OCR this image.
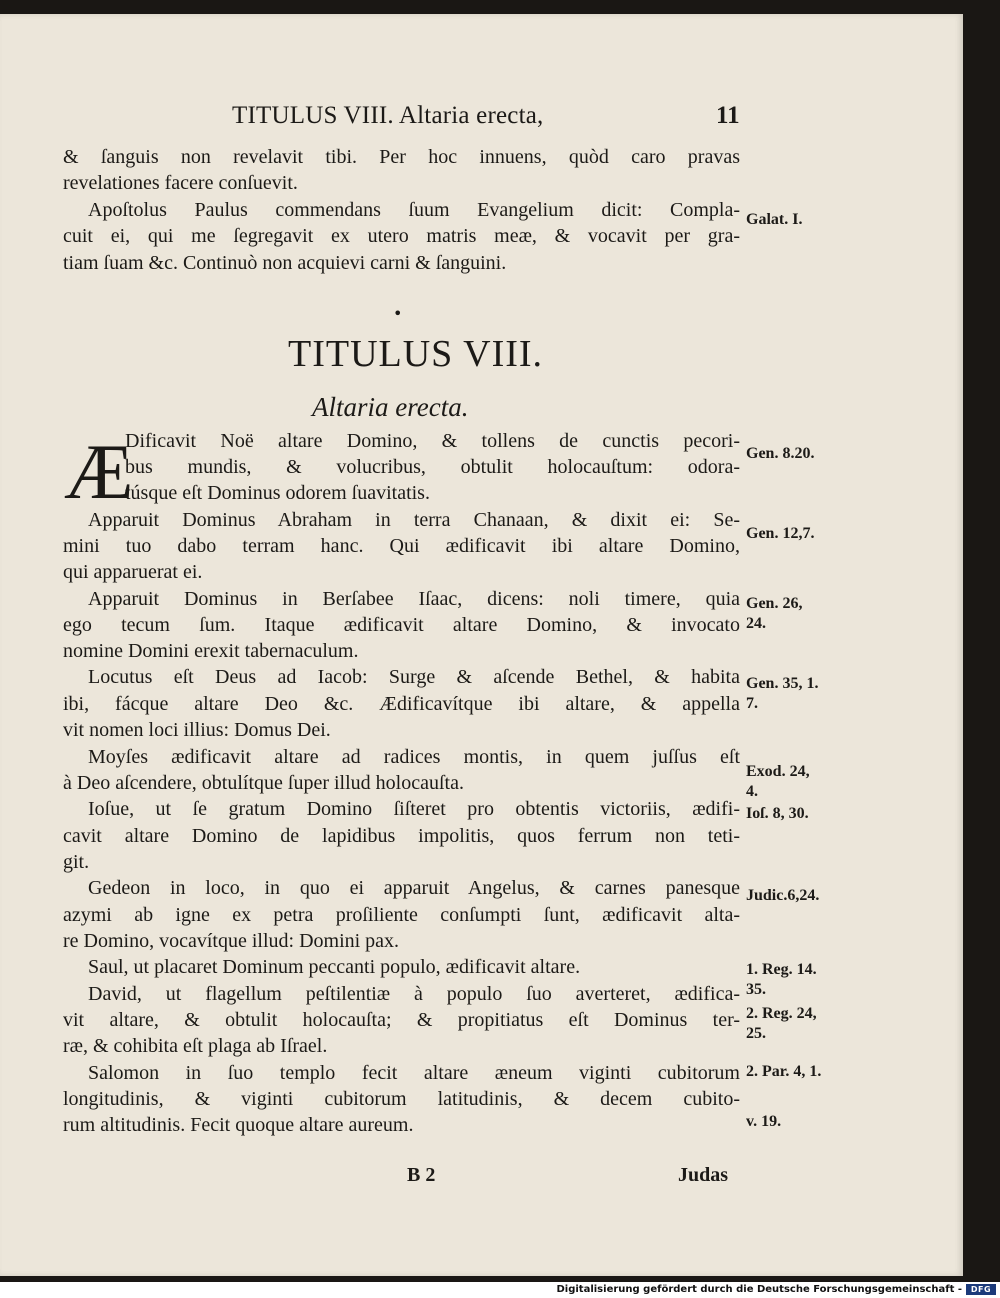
TITULUS VIII. Altaria erecta,	11
& ſanguis non revelavit tibi. Per hoc innuens, quòd caro pravas
revelationes facere conſuevit.
Apoſtolus Paulus commendans ſuum Evangelium dicit: Compla-
cuit ei, qui me ſegregavit ex utero matris meæ, & vocavit per gra-
tiam ſuam &c. Continuò non acquievi carni & ſanguini.
Galat. I.
•
TITULUS VIII.
Altaria erecta.
Æ
Dificavit Noë altare Domino, & tollens de cunctis pecori-
bus mundis, & volucribus, obtulit holocauſtum: odora-
túsque eſt Dominus odorem ſuavitatis.
Apparuit Dominus Abraham in terra Chanaan, & dixit ei: Se-
mini tuo dabo terram hanc. Qui ædificavit ibi altare Domino,
qui apparuerat ei.
Apparuit Dominus in Berſabee Iſaac, dicens: noli timere, quia
ego tecum ſum. Itaque ædificavit altare Domino, & invocato
nomine Domini erexit tabernaculum.
Locutus eſt Deus ad Iacob: Surge & aſcende Bethel, & habita
ibi, fácque altare Deo &c. Ædificavítque ibi altare, & appella
vit nomen loci illius: Domus Dei.
Moyſes ædificavit altare ad radices montis, in quem juſſus eſt
à Deo aſcendere, obtulítque ſuper illud holocauſta.
Ioſue, ut ſe gratum Domino ſiſteret pro obtentis victoriis, ædifi-
cavit altare Domino de lapidibus impolitis, quos ferrum non teti-
git.
Gedeon in loco, in quo ei apparuit Angelus, & carnes panesque
azymi ab igne ex petra proſiliente conſumpti ſunt, ædificavit alta-
re Domino, vocavítque illud: Domini pax.
Saul, ut placaret Dominum peccanti populo, ædificavit altare.
David, ut flagellum peſtilentiæ à populo ſuo averteret, ædifica-
vit altare, & obtulit holocauſta; & propitiatus eſt Dominus ter-
ræ, & cohibita eſt plaga ab Iſrael.
Salomon in ſuo templo fecit altare æneum viginti cubitorum
longitudinis, & viginti cubitorum latitudinis, & decem cubito-
rum altitudinis. Fecit quoque altare aureum.
Gen. 8.20.
Gen. 12,7.
Gen. 26,
24.
Gen. 35, 1.
7.
Exod. 24,
4.
Ioſ. 8, 30.
Judic.6,24.
1. Reg. 14.
35.
2. Reg. 24,
25.
2. Par. 4, 1.
v. 19.
B 2	Judas
Digitalisierung gefördert durch die Deutsche Forschungsgemeinschaft -	DFG
